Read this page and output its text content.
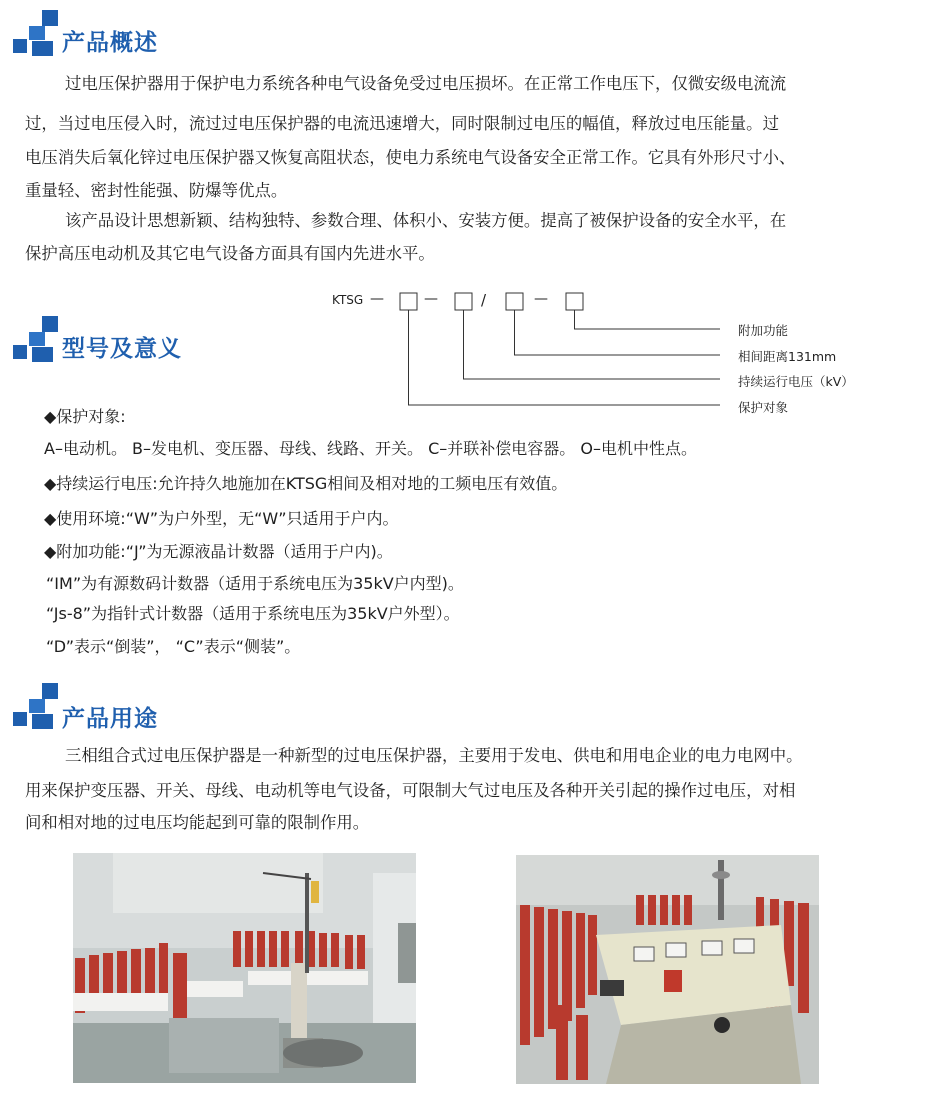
产品概述
过电压保护器用于保护电力系统各种电气设备免受过电压损坏。在正常工作电压下，仅微安级电流流
过，当过电压侵入时，流过过电压保护器的电流迅速增大，同时限制过电压的幅值，释放过电压能量。过
电压消失后氧化锌过电压保护器又恢复高阻状态，使电力系统电气设备安全正常工作。它具有外形尺寸小、
重量轻、密封性能强、防爆等优点。
该产品设计思想新颖、结构独特、参数合理、体积小、安装方便。提高了被保护设备的安全水平，在
保护高压电动机及其它电气设备方面具有国内先进水平。
型号及意义
KTSG —	—	/	—
附加功能
相间距离131mm
持续运行电压（kV）
保护对象
◆保护对象:
A–电动机。 B–发电机、变压器、母线、线路、开关。 C–并联补偿电容器。 O–电机中性点。
◆持续运行电压:允许持久地施加在KTSG相间及相对地的工频电压有效值。
◆使用环境:“W”为户外型，无“W”只适用于户内。
◆附加功能:“J”为无源液晶计数器（适用于户内)。
“IM”为有源数码计数器（适用于系统电压为35kV户内型)。
“Js-8”为指针式计数器（适用于系统电压为35kV户外型）。
“D”表示“倒装”， “C”表示“侧装”。
产品用途
三相组合式过电压保护器是一种新型的过电压保护器，主要用于发电、供电和用电企业的电力电网中。
用来保护变压器、开关、母线、电动机等电气设备，可限制大气过电压及各种开关引起的操作过电压，对相
间和相对地的过电压均能起到可靠的限制作用。
